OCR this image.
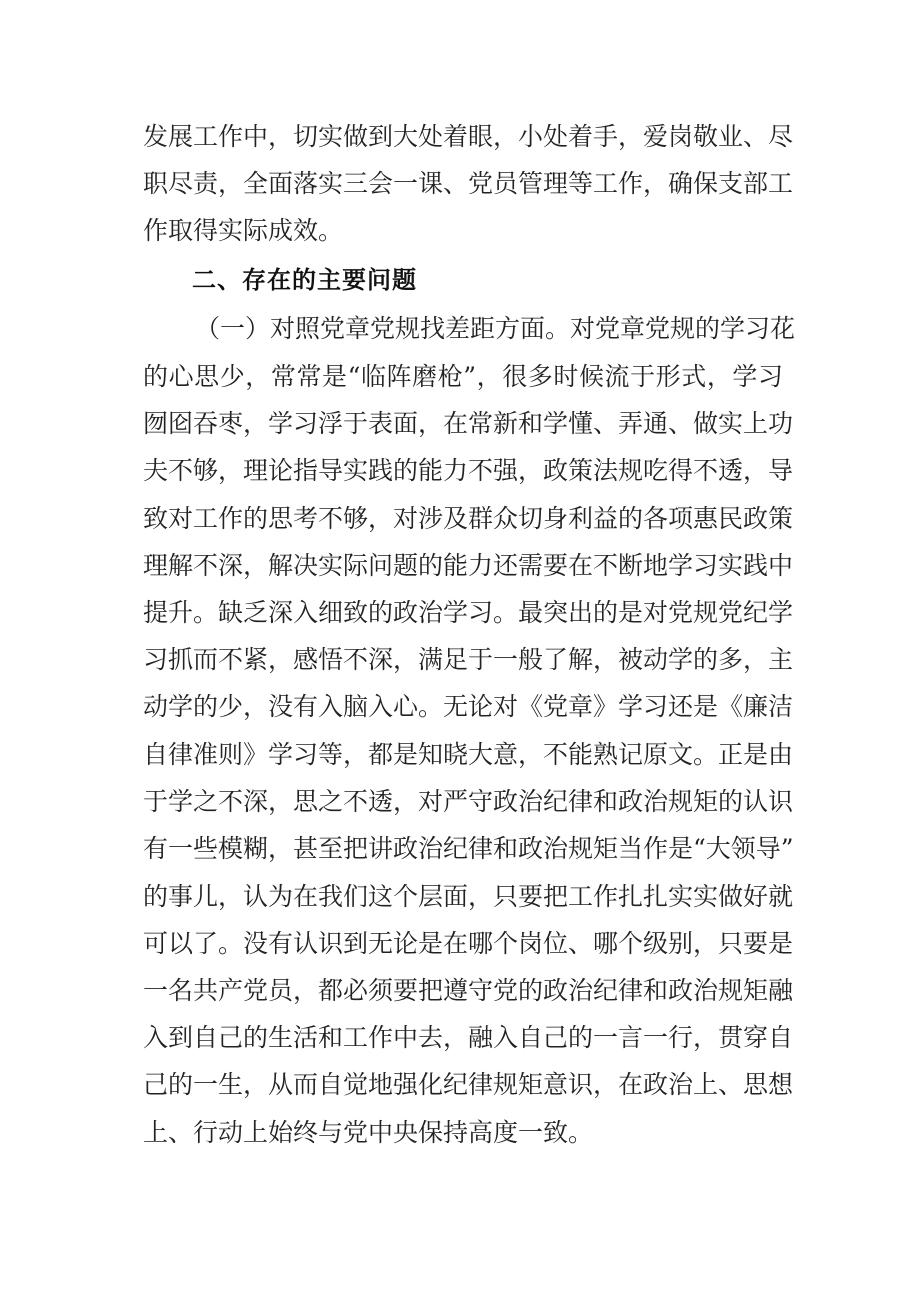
发展工作中，切实做到大处着眼，小处着手，爱岗敬业、尽
职尽责，全面落实三会一课、党员管理等工作，确保支部工
作取得实际成效。
二、存在的主要问题
（一）对照党章党规找差距方面。对党章党规的学习花
的心思少，常常是“临阵磨枪”，很多时候流于形式，学习
囫囵吞枣，学习浮于表面，在常新和学懂、弄通、做实上功
夫不够，理论指导实践的能力不强，政策法规吃得不透，导
致对工作的思考不够，对涉及群众切身利益的各项惠民政策
理解不深，解决实际问题的能力还需要在不断地学习实践中
提升。缺乏深入细致的政治学习。最突出的是对党规党纪学
习抓而不紧，感悟不深，满足于一般了解，被动学的多，主
动学的少，没有入脑入心。无论对《党章》学习还是《廉洁
自律准则》学习等，都是知晓大意，不能熟记原文。正是由
于学之不深，思之不透，对严守政治纪律和政治规矩的认识
有一些模糊，甚至把讲政治纪律和政治规矩当作是“大领导”
的事儿，认为在我们这个层面，只要把工作扎扎实实做好就
可以了。没有认识到无论是在哪个岗位、哪个级别，只要是
一名共产党员，都必须要把遵守党的政治纪律和政治规矩融
入到自己的生活和工作中去，融入自己的一言一行，贯穿自
己的一生，从而自觉地强化纪律规矩意识，在政治上、思想
上、行动上始终与党中央保持高度一致。
